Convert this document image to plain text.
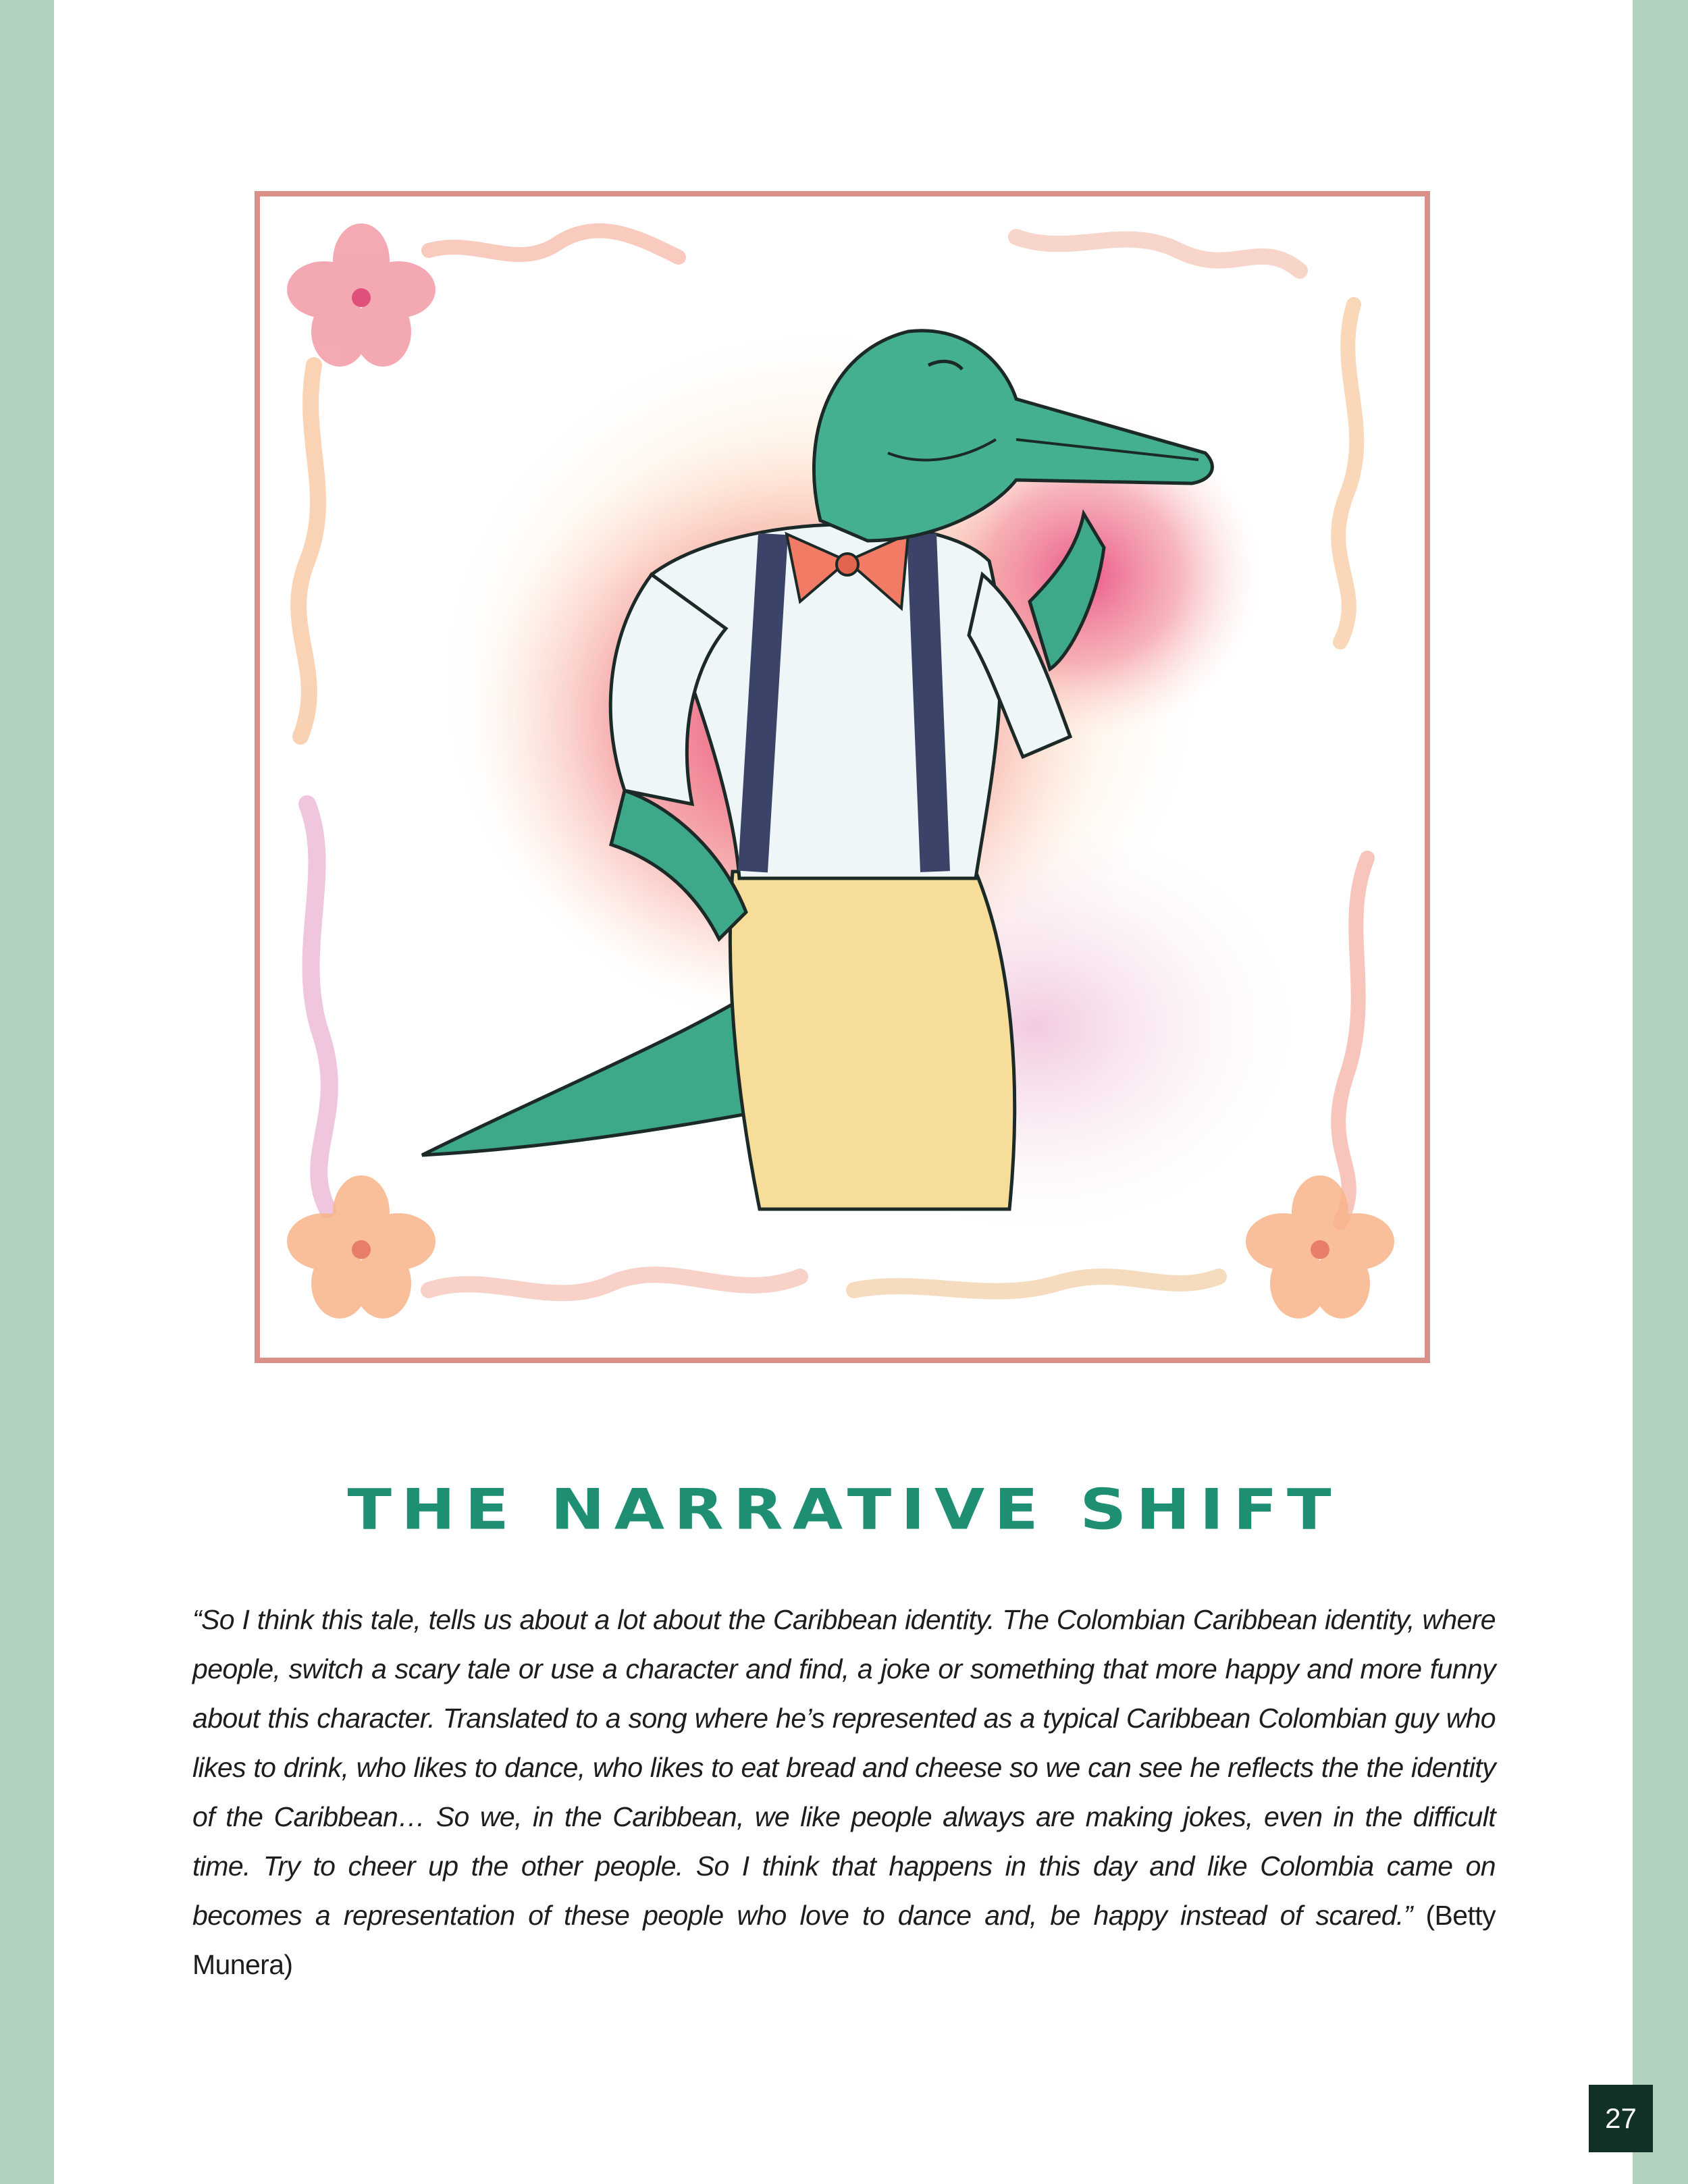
THE NARRATIVE SHIFT

“So I think this tale, tells us about a lot about the Caribbean identity. The Colombian Caribbean identity, where people, switch a scary tale or use a character and find, a joke or something that more happy and more funny about this character. Translated to a song where he’s represented as a typical Caribbean Colombian guy who likes to drink, who likes to dance, who likes to eat bread and cheese so we can see he reflects the the identity of the Caribbean… So we, in the Caribbean, we like people always are making jokes, even in the difficult time. Try to cheer up the other people. So I think that happens in this day and like Colombia came on becomes a representation of these people who love to dance and, be happy instead of scared.” (Betty Munera)

27
